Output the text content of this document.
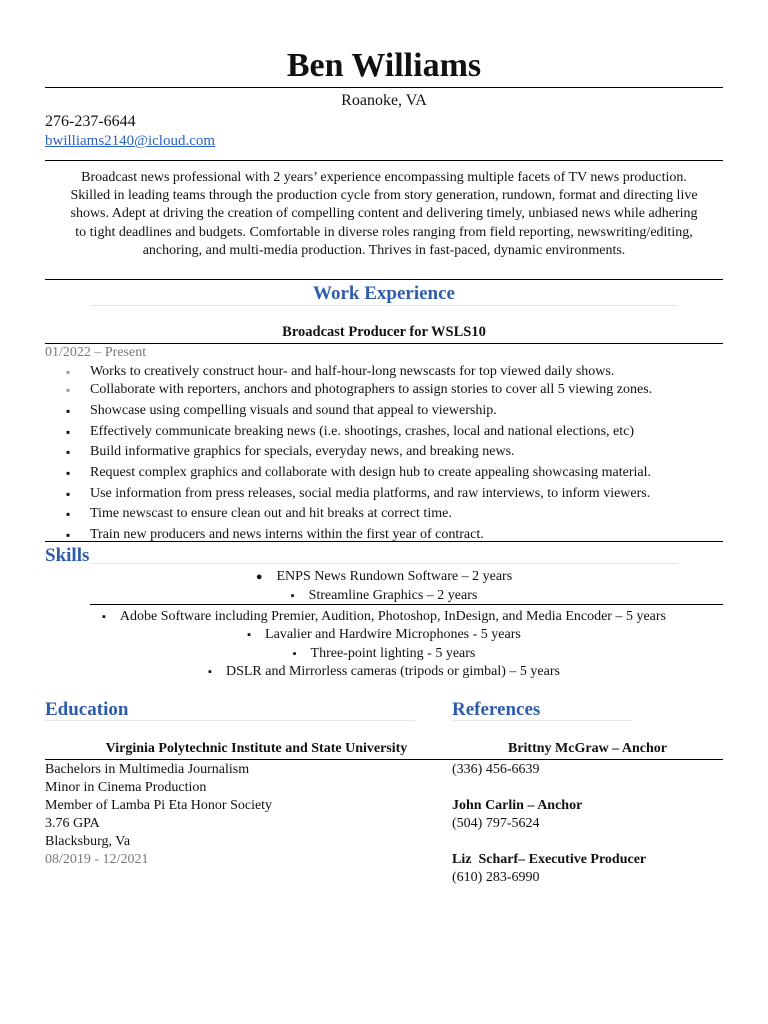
Ben Williams
Roanoke, VA
276-237-6644
bwilliams2140@icloud.com
Broadcast news professional with 2 years’ experience encompassing multiple facets of TV news production.
Skilled in leading teams through the production cycle from story generation, rundown, format and directing live
shows. Adept at driving the creation of compelling content and delivering timely, unbiased news while adhering
to tight deadlines and budgets. Comfortable in diverse roles ranging from field reporting, newswriting/editing,
anchoring, and multi-media production. Thrives in fast-paced, dynamic environments.
Work Experience
Broadcast Producer for WSLS10
01/2022 – Present
▪ Works to creatively construct hour- and half-hour-long newscasts for top viewed daily shows.
▪ Collaborate with reporters, anchors and photographers to assign stories to cover all 5 viewing zones.
▪ Showcase using compelling visuals and sound that appeal to viewership.
▪ Effectively communicate breaking news (i.e. shootings, crashes, local and national elections, etc)
▪ Build informative graphics for specials, everyday news, and breaking news.
▪ Request complex graphics and collaborate with design hub to create appealing showcasing material.
▪ Use information from press releases, social media platforms, and raw interviews, to inform viewers.
▪ Time newscast to ensure clean out and hit breaks at correct time.
▪ Train new producers and news interns within the first year of contract.
Skills
● ENPS News Rundown Software – 2 years
▪ Streamline Graphics – 2 years
▪ Adobe Software including Premier, Audition, Photoshop, InDesign, and Media Encoder – 5 years
▪ Lavalier and Hardwire Microphones - 5 years
▪ Three-point lighting - 5 years
▪ DSLR and Mirrorless cameras (tripods or gimbal) – 5 years
Education
Virginia Polytechnic Institute and State University
Bachelors in Multimedia Journalism
Minor in Cinema Production
Member of Lamba Pi Eta Honor Society
3.76 GPA
Blacksburg, Va
08/2019 - 12/2021
References
Brittny McGraw – Anchor
(336) 456-6639
John Carlin – Anchor
(504) 797-5624
Liz  Scharf– Executive Producer
(610) 283-6990
